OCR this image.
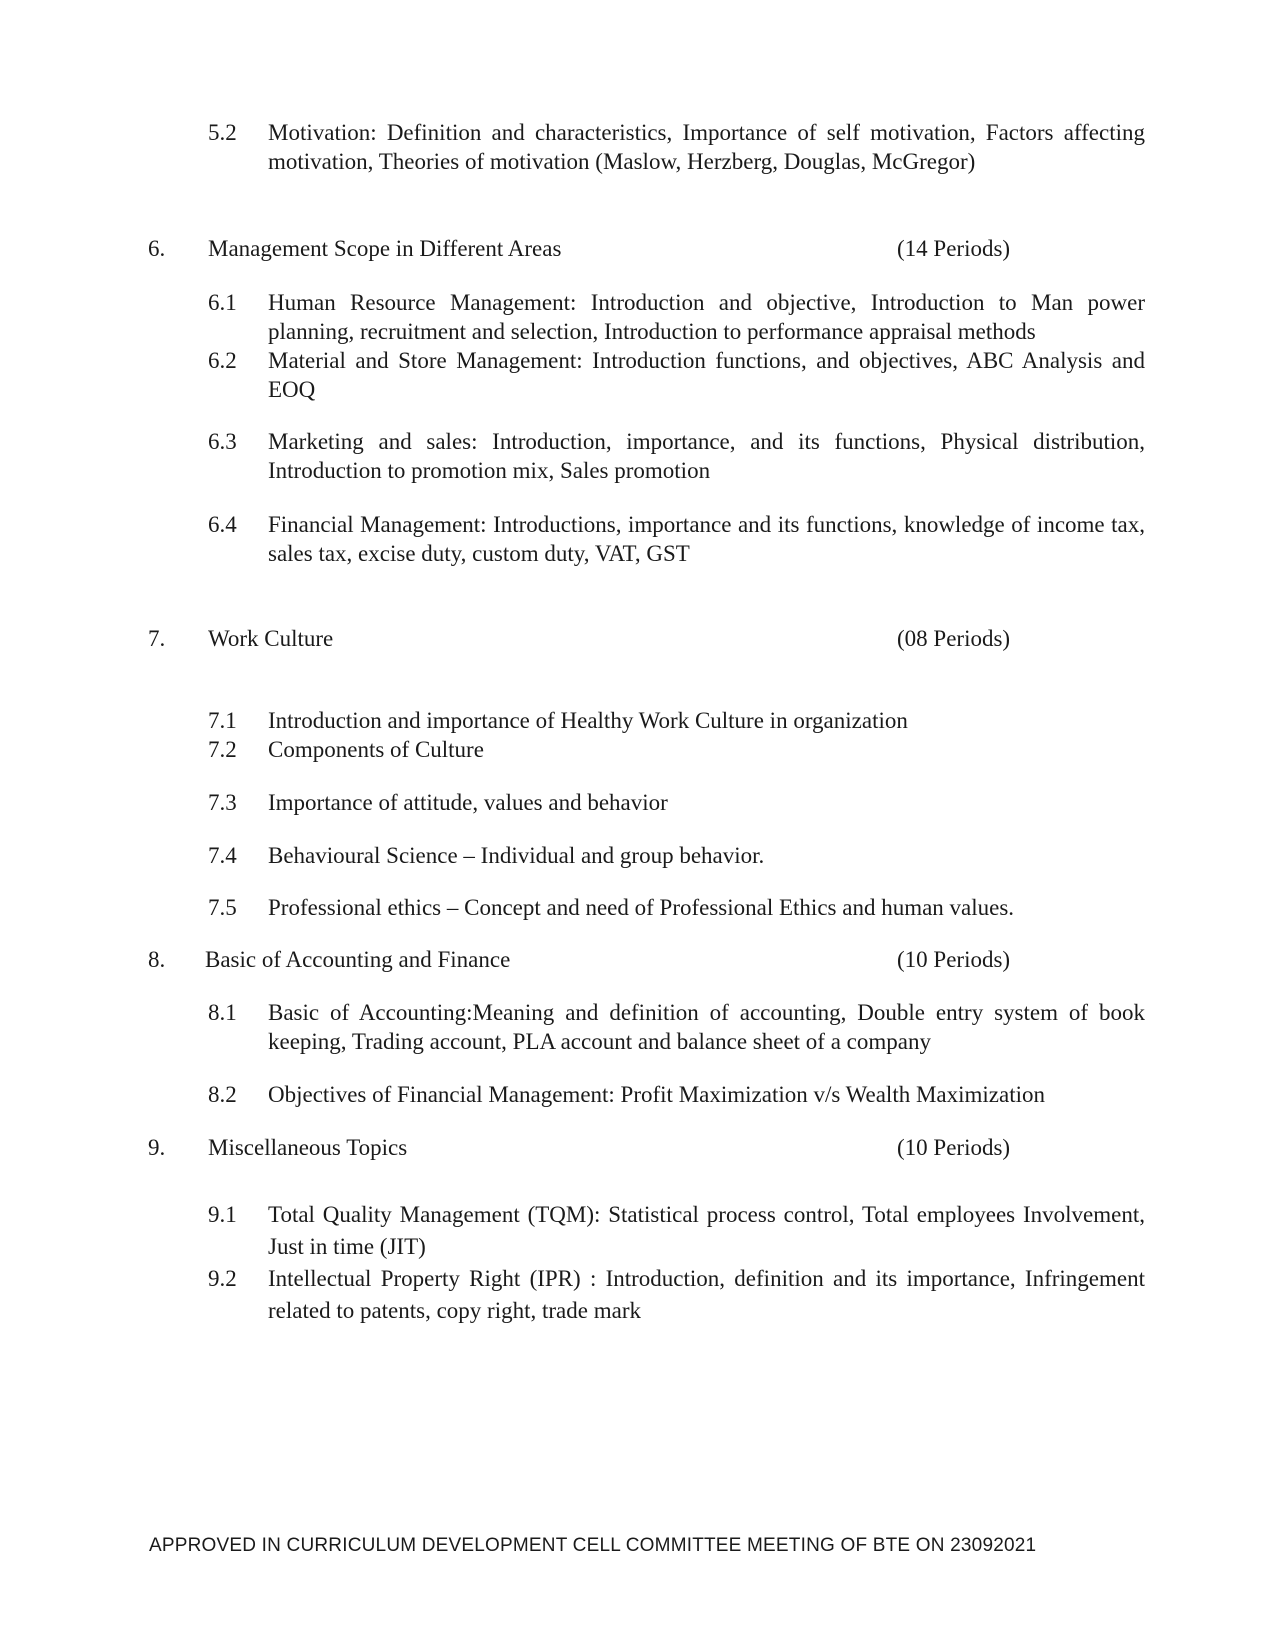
5.2 Motivation: Definition and characteristics, Importance of self motivation, Factors affecting motivation, Theories of motivation (Maslow, Herzberg, Douglas, McGregor)
6. Management Scope in Different Areas	(14 Periods)
6.1 Human Resource Management: Introduction and objective, Introduction to Man power planning, recruitment and selection, Introduction to performance appraisal methods
6.2 Material and Store Management: Introduction functions, and objectives, ABC Analysis and EOQ
6.3 Marketing and sales: Introduction, importance, and its functions, Physical distribution, Introduction to promotion mix, Sales promotion
6.4 Financial Management: Introductions, importance and its functions, knowledge of income tax, sales tax, excise duty, custom duty, VAT, GST
7. Work Culture	(08 Periods)
7.1 Introduction and importance of Healthy Work Culture in organization
7.2 Components of Culture
7.3 Importance of attitude, values and behavior
7.4 Behavioural Science – Individual and group behavior.
7.5 Professional ethics – Concept and need of Professional Ethics and human values.
8. Basic of Accounting and Finance	(10 Periods)
8.1 Basic of Accounting:Meaning and definition of accounting, Double entry system of book keeping, Trading account, PLA account and balance sheet of a company
8.2 Objectives of Financial Management: Profit Maximization v/s Wealth Maximization
9. Miscellaneous Topics	(10 Periods)
9.1 Total Quality Management (TQM): Statistical process control, Total employees Involvement, Just in time (JIT)
9.2 Intellectual Property Right (IPR) : Introduction, definition and its importance, Infringement related to patents, copy right, trade mark
APPROVED IN CURRICULUM DEVELOPMENT CELL COMMITTEE MEETING OF BTE ON 23092021
